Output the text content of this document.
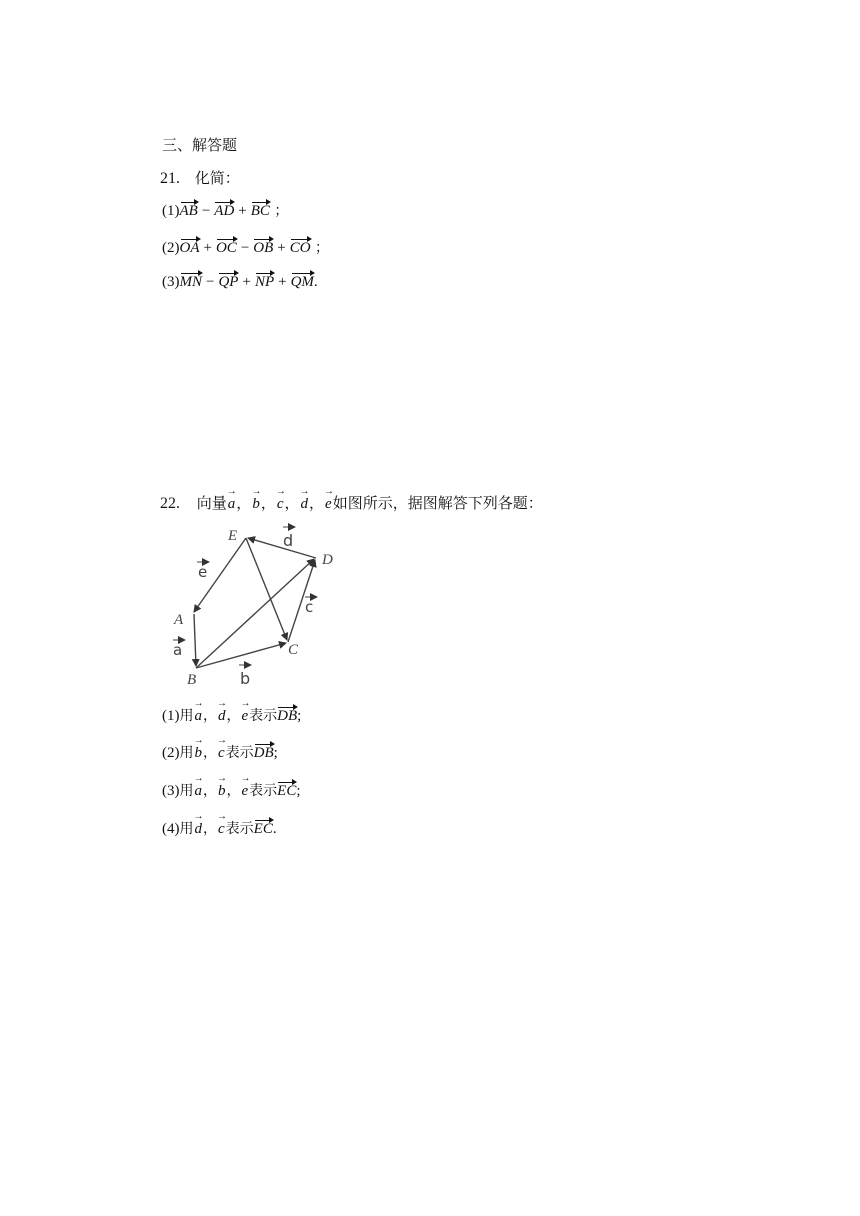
三、解答题
21. 化简：
(1)AB − AD + BC ；
(2)OA + OC − OB + CO ；
(3)MN − QP + NP + QM.
22. 向量→ a，→ b，→ c，→ d，→ e如图所示，据图解答下列各题：
E
D
A
C
B
d
e
c
a
b
(1)用→ a，→ d，→ e表示DB;
(2)用→ b，→ c表示DB;
(3)用→ a，→ b，→ e表示EC;
(4)用→ d，→ c表示EC.
